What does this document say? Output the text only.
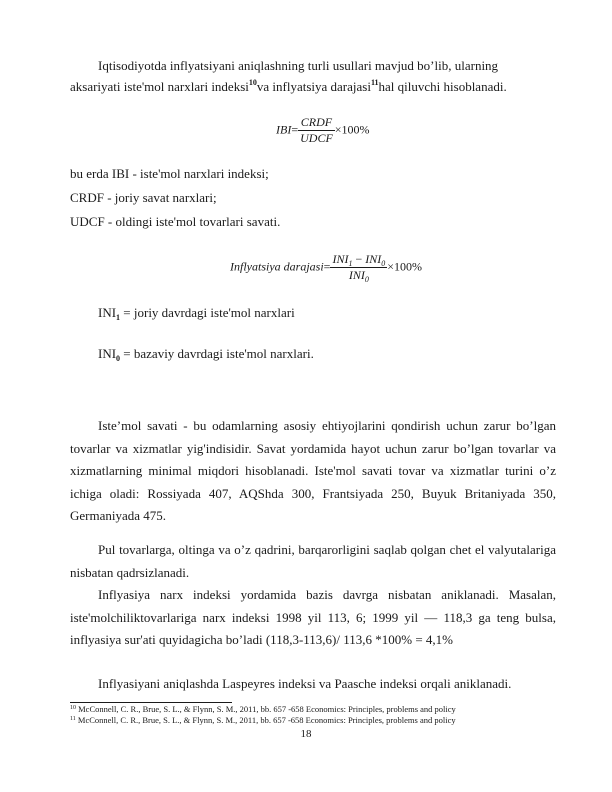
Iqtisodiyotda inflyatsiyani aniqlashning turli usullari mavjud bo’lib, ularning
aksariyati iste'mol narxlari indeksi$^{10}$va inflyatsiya darajasi$^{11}$hal qiluvchi hisoblanadi.
$IBI= \frac{\text{CRDF}}{\text{UDCF}} \times 100\%$
bu erda IBI - iste'mol narxlari indeksi;
CRDF - joriy savat narxlari;
UDCF - oldingi iste'mol tovarlari savati.
Inflyatsiya darajasi= $\frac{INI_1 - INI_0}{INI_0} \times 100\%$
$INI_1$ = joriy davrdagi iste'mol narxlari
$INI_0$ = bazaviy davrdagi iste'mol narxlari.
Iste’mol savati - bu odamlarning asosiy ehtiyojlarini qondirish uchun zarur bo’lgan tovarlar va xizmatlar yig'indisidir. Savat yordamida hayot uchun zarur bo’lgan tovarlar va xizmatlarning minimal miqdori hisoblanadi. Iste'mol savati tovar va xizmatlar turini o’z ichiga oladi: Rossiyada 407, AQShda 300, Frantsiyada 250, Buyuk Britaniyada 350, Germaniyada 475.
Pul tovarlarga, oltinga va o’z qadrini, barqarorligini saqlab qolgan chet el valyutalariga nisbatan qadrsizlanadi.
Inflyasiya narx indeksi yordamida bazis davrga nisbatan aniklanadi. Masalan, iste'molchiliktovarlariga narx indeksi 1998 yil 113, 6; 1999 yil — 118,3 ga teng bulsa, inflyasiya sur'ati quyidagicha bo’ladi (118,3-113,6)/ 113,6 *100% = 4,1%
Inflyasiyani aniqlashda Laspeyres indeksi va Paasche indeksi orqali aniklanadi.
$^{10}$ McConnell, C. R., Brue, S. L., & Flynn, S. M., 2011, bb. 657 -658 Economics: Principles, problems and policy
$^{11}$ McConnell, C. R., Brue, S. L., & Flynn, S. M., 2011, bb. 657 -658 Economics: Principles, problems and policy
18
